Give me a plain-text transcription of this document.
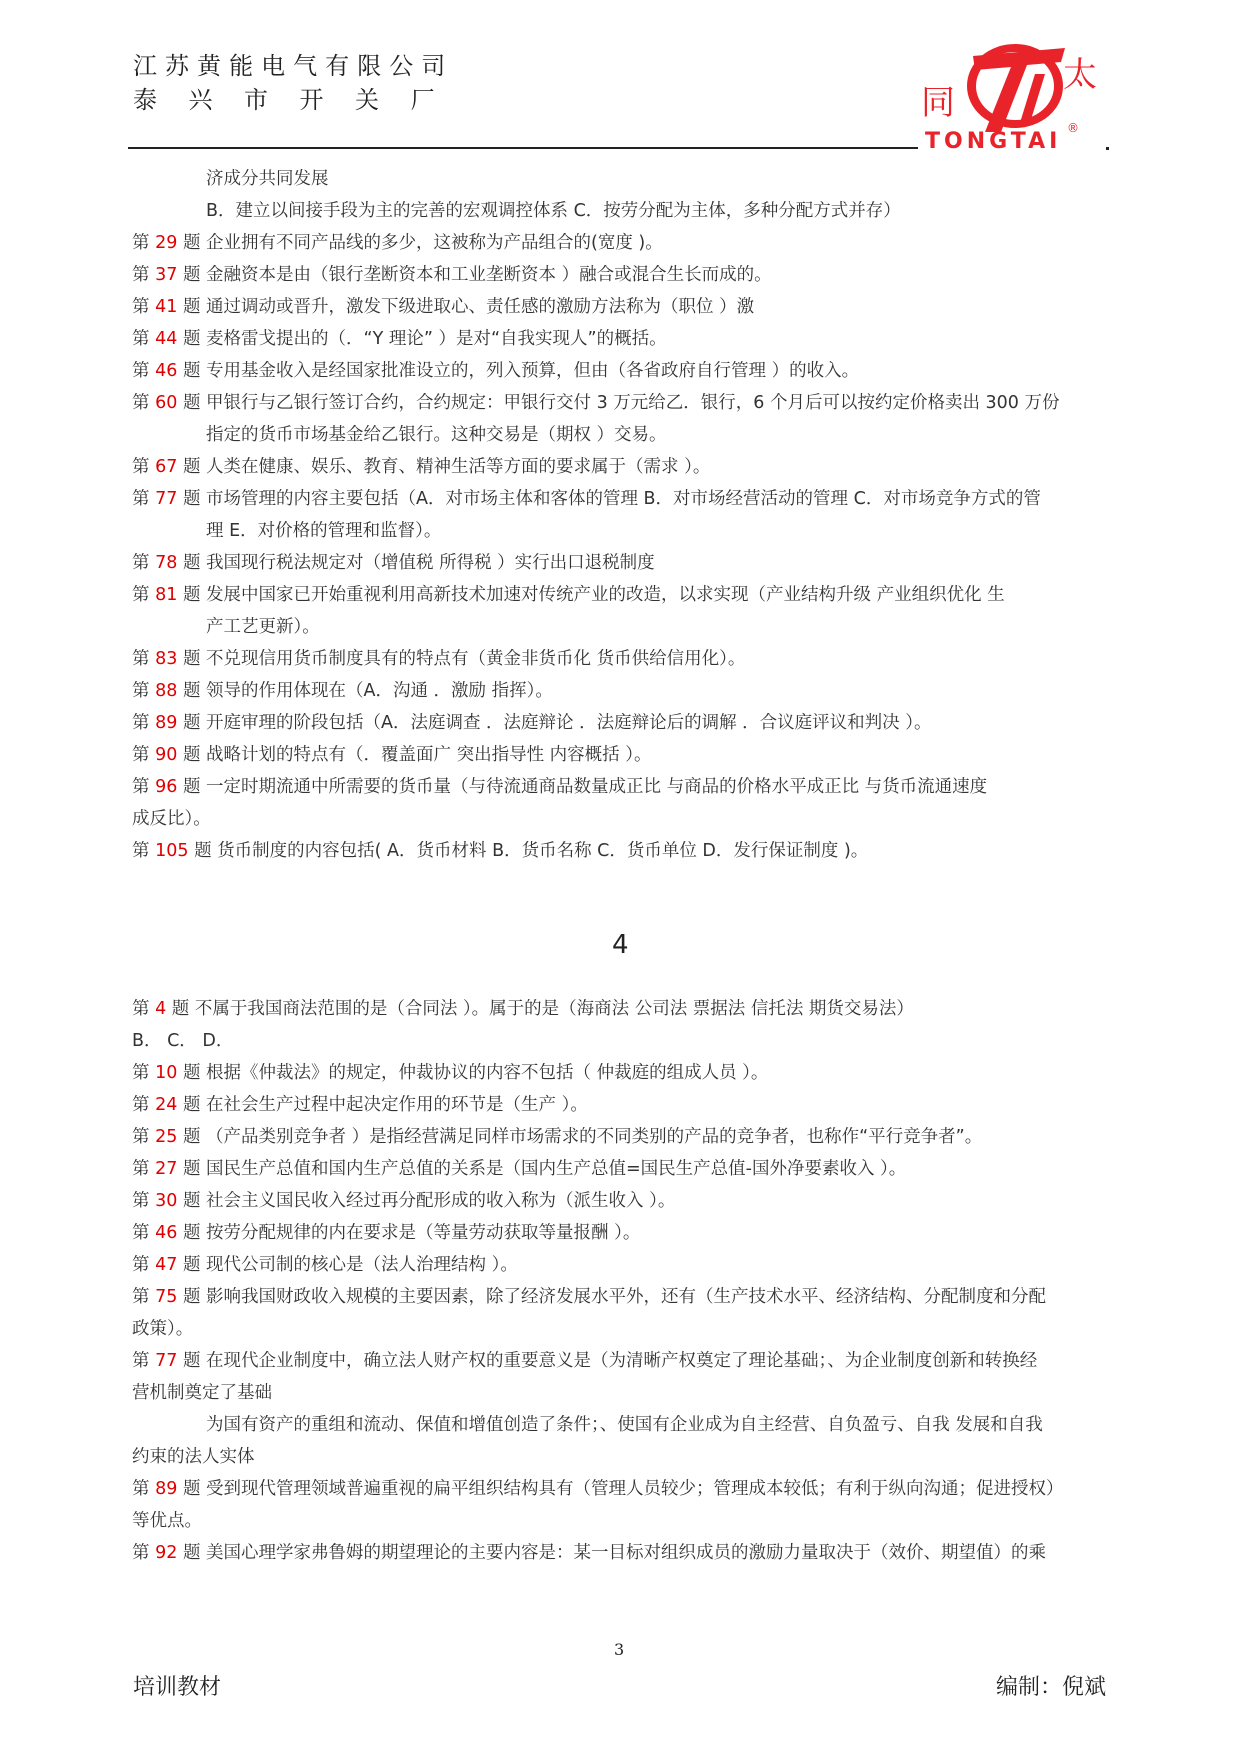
江 苏 黄 能 电 气 有 限 公 司
泰    兴    市    开    关    厂	同
太
TONGTAI
®
济成分共同发展
B．建立以间接手段为主的完善的宏观调控体系 C．按劳分配为主体，多种分配方式并存）
第 29 题 企业拥有不同产品线的多少，这被称为产品组合的(宽度 )。
第 37 题 金融资本是由（银行垄断资本和工业垄断资本 ）融合或混合生长而成的。
第 41 题 通过调动或晋升，激发下级进取心、责任感的激励方法称为（职位 ）激
第 44 题 麦格雷戈提出的（．“Y 理论” ）是对“自我实现人”的概括。
第 46 题 专用基金收入是经国家批准设立的，列入预算，但由（各省政府自行管理 ）的收入。
第 60 题 甲银行与乙银行签订合约，合约规定：甲银行交付 3 万元给乙．银行，6 个月后可以按约定价格卖出 300 万份
指定的货币市场基金给乙银行。这种交易是（期权 ）交易。
第 67 题 人类在健康、娱乐、教育、精神生活等方面的要求属于（需求 ）。
第 77 题 市场管理的内容主要包括（A．对市场主体和客体的管理 B．对市场经营活动的管理 C．对市场竞争方式的管
理 E．对价格的管理和监督）。
第 78 题 我国现行税法规定对（增值税 所得税 ）实行出口退税制度
第 81 题 发展中国家已开始重视利用高新技术加速对传统产业的改造，以求实现（产业结构升级 产业组织优化 生
产工艺更新）。
第 83 题 不兑现信用货币制度具有的特点有（黄金非货币化 货币供给信用化）。
第 88 题 领导的作用体现在（A．沟通 ．激励 指挥）。
第 89 题 开庭审理的阶段包括（A．法庭调查 ．法庭辩论 ．法庭辩论后的调解 ．合议庭评议和判决 ）。
第 90 题 战略计划的特点有（．覆盖面广 突出指导性 内容概括 ）。
第 96 题 一定时期流通中所需要的货币量（与待流通商品数量成正比 与商品的价格水平成正比 与货币流通速度
成反比）。
第 105 题 货币制度的内容包括( A．货币材料 B．货币名称 C．货币单位 D．发行保证制度 )。
第 4 题 不属于我国商法范围的是（合同法 ）。属于的是（海商法 公司法 票据法 信托法 期货交易法）
B． C． D．
第 10 题 根据《仲裁法》的规定，仲裁协议的内容不包括（ 仲裁庭的组成人员 ）。
第 24 题 在社会生产过程中起决定作用的环节是（生产 ）。
第 25 题 （产品类别竞争者 ）是指经营满足同样市场需求的不同类别的产品的竞争者，也称作“平行竞争者”。
第 27 题 国民生产总值和国内生产总值的关系是（国内生产总值=国民生产总值-国外净要素收入 ）。
第 30 题 社会主义国民收入经过再分配形成的收入称为（派生收入 ）。
第 46 题 按劳分配规律的内在要求是（等量劳动获取等量报酬 ）。
第 47 题 现代公司制的核心是（法人治理结构 ）。
第 75 题 影响我国财政收入规模的主要因素，除了经济发展水平外，还有（生产技术水平、经济结构、分配制度和分配
政策）。
第 77 题 在现代企业制度中，确立法人财产权的重要意义是（为清晰产权奠定了理论基础；、为企业制度创新和转换经
营机制奠定了基础
为国有资产的重组和流动、保值和增值创造了条件；、使国有企业成为自主经营、自负盈亏、自我 发展和自我
约束的法人实体
第 89 题 受到现代管理领域普遍重视的扁平组织结构具有（管理人员较少；管理成本较低；有利于纵向沟通；促进授权）
等优点。
第 92 题 美国心理学家弗鲁姆的期望理论的主要内容是：某一目标对组织成员的激励力量取决于（效价、期望值）的乘
4
3
培训教材	编制：倪斌
